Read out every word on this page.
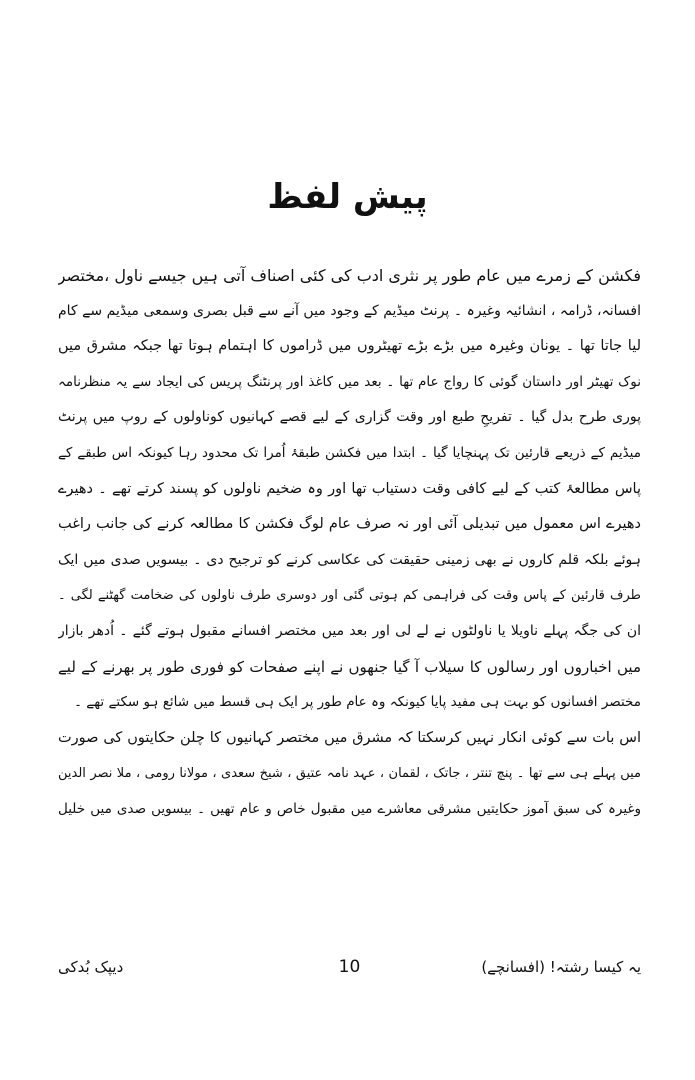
پیش لفظ
فکشن کے زمرے میں عام طور پر نثری ادب کی کئی اصناف آتی ہیں جیسے ناول ،مختصر
افسانہ، ڈرامہ ، انشائیہ وغیرہ ۔ پرنٹ میڈیم کے وجود میں آنے سے قبل بصری وسمعی میڈیم سے کام
لیا جاتا تھا ۔ یونان وغیرہ میں بڑے بڑے تھیٹروں میں ڈراموں کا اہتمام ہوتا تھا جبکہ مشرق میں
نوک تھیٹر اور داستان گوئی کا رواج عام تھا ۔ بعد میں کاغذ اور پرنٹنگ پریس کی ایجاد سے یہ منظرنامہ
پوری طرح بدل گیا ۔ تفریحِ طبع اور وقت گزاری کے لیے قصے کہانیوں کوناولوں کے روپ میں پرنٹ
میڈیم کے ذریعے قارئین تک پہنچایا گیا ۔ ابتدا میں فکشن طبقۂ اُمرا تک محدود رہا کیونکہ اس طبقے کے
پاس مطالعۂ کتب کے لیے کافی وقت دستیاب تھا اور وہ ضخیم ناولوں کو پسند کرتے تھے ۔ دھیرے
دھیرے اس معمول میں تبدیلی آئی اور نہ صرف عام لوگ فکشن کا مطالعہ کرنے کی جانب راغب
ہوئے بلکہ قلم کاروں نے بھی زمینی حقیقت کی عکاسی کرنے کو ترجیح دی ۔ بیسویں صدی میں ایک
طرف قارئین کے پاس وقت کی فراہمی کم ہوتی گئی اور دوسری طرف ناولوں کی ضخامت گھٹنے لگی ۔
ان کی جگہ پہلے ناویلا یا ناولٹوں نے لے لی اور بعد میں مختصر افسانے مقبول ہوتے گئے ۔ اُدھر بازار
میں اخباروں اور رسالوں کا سیلاب آ گیا جنھوں نے اپنے صفحات کو فوری طور پر بھرنے کے لیے
مختصر افسانوں کو بہت ہی مفید پایا کیونکہ وہ عام طور پر ایک ہی قسط میں شائع ہو سکتے تھے ۔
اس بات سے کوئی انکار نہیں کرسکتا کہ مشرق میں مختصر کہانیوں کا چلن حکایتوں کی صورت
میں پہلے ہی سے تھا ۔ پنچ تنتر ، جاتک ، لقمان ، عہد نامہ عتیق ، شیخ سعدی ، مولانا رومی ، ملا نصر الدین
وغیرہ کی سبق آموز حکایتیں مشرقی معاشرے میں مقبول خاص و عام تھیں ۔ بیسویں صدی میں خلیل
یہ کیسا رشتہ! (افسانچے)
10
دیپک بُدکی
